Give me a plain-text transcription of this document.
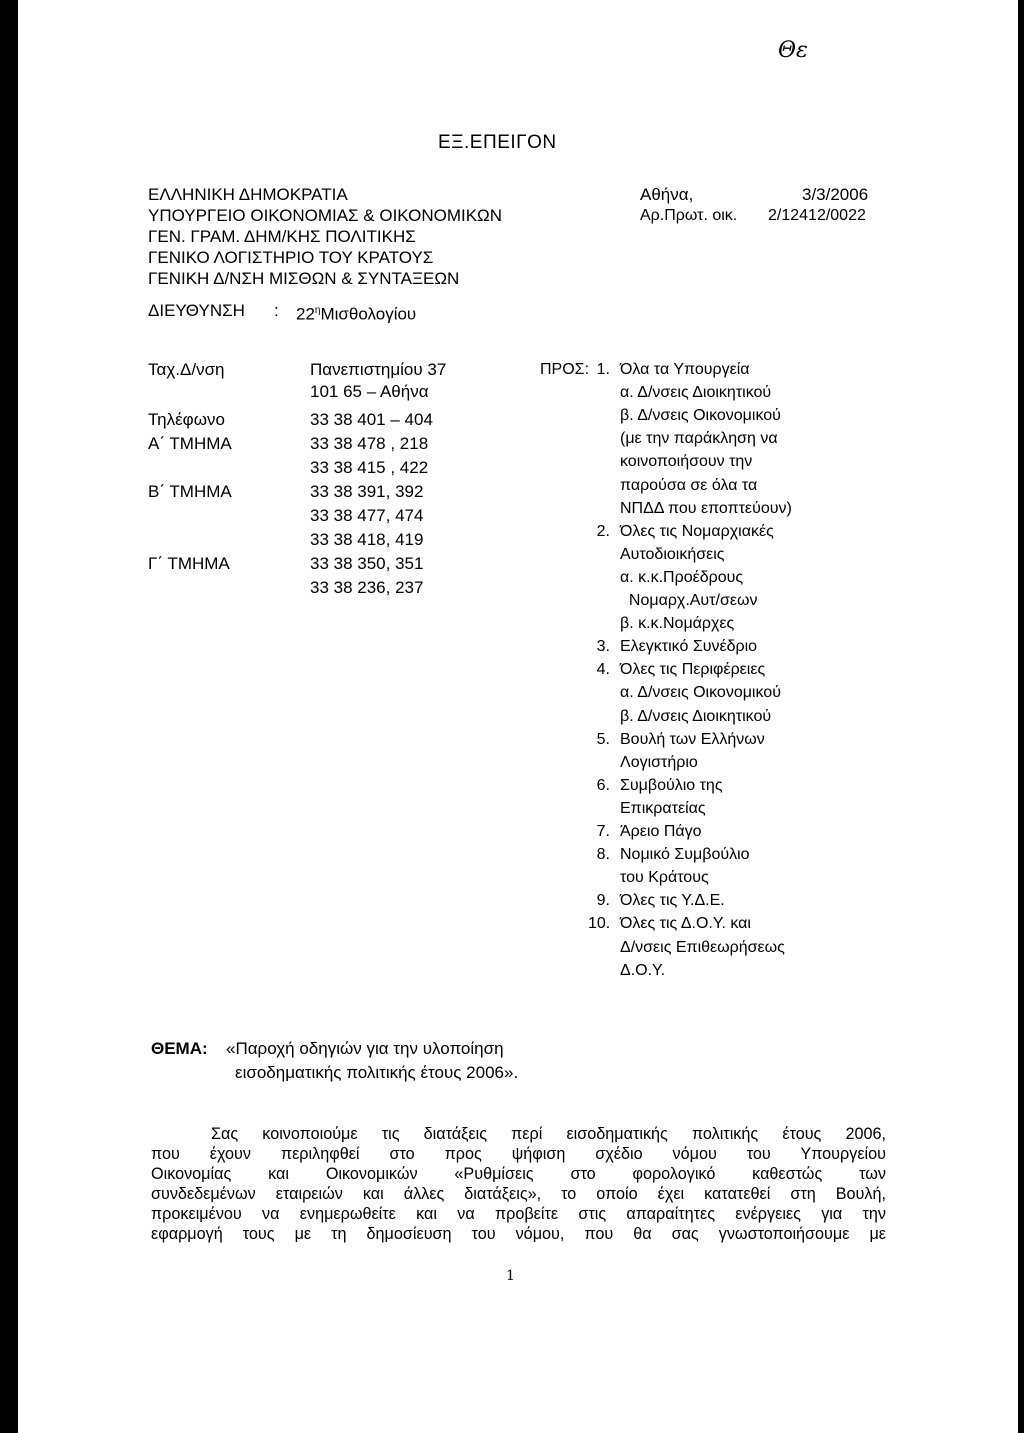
Θε
ΕΞ.ΕΠΕΙΓΟΝ
ΕΛΛΗΝΙΚΗ ΔΗΜΟΚΡΑΤΙΑ
ΥΠΟΥΡΓΕΙΟ ΟΙΚΟΝΟΜΙΑΣ & ΟΙΚΟΝΟΜΙΚΩΝ
ΓΕΝ. ΓΡΑΜ. ΔΗΜ/ΚΗΣ ΠΟΛΙΤΙΚΗΣ
ΓΕΝΙΚΟ ΛΟΓΙΣΤΗΡΙΟ ΤΟΥ ΚΡΑΤΟΥΣ
ΓΕΝΙΚΗ Δ/ΝΣΗ ΜΙΣΘΩΝ & ΣΥΝΤΑΞΕΩΝ
ΔΙΕΥΘΥΝΣΗ : $22^\eta M\iota\sigma\theta o\lambda o\gamma ίo\upsilon$
Αθήνα,	3/3/2006
Αρ.Πρωτ. οικ. 2/12412/0022
Ταχ.Δ/νση	Πανεπιστημίου 37
101 65 – Αθήνα
Τηλέφωνο	33 38 401 – 404
Α΄ ΤΜΗΜΑ	33 38 478 , 218
33 38 415 , 422
Β΄ ΤΜΗΜΑ	33 38 391, 392
33 38 477, 474
33 38 418, 419
Γ΄ ΤΜΗΜΑ	33 38 350, 351
33 38 236, 237
ΠΡΟΣ: 1. Όλα τα Υπουργεία
α. Δ/νσεις Διοικητικού
β. Δ/νσεις Οικονομικού
(με την παράκληση να
κοινοποιήσουν την
παρούσα σε όλα τα
ΝΠΔΔ που εποπτεύουν)
2. Όλες τις Νομαρχιακές
Αυτοδιοικήσεις
α. κ.κ.Προέδρους
Νομαρχ.Αυτ/σεων
β. κ.κ.Νομάρχες
3. Ελεγκτικό Συνέδριο
4. Όλες τις Περιφέρειες
α. Δ/νσεις Οικονομικού
β. Δ/νσεις Διοικητικού
5. Βουλή των Ελλήνων
Λογιστήριο
6. Συμβούλιο της
Επικρατείας
7. Άρειο Πάγο
8. Νομικό Συμβούλιο
του Κράτους
9. Όλες τις Υ.Δ.Ε.
10. Όλες τις Δ.Ο.Υ. και
Δ/νσεις Επιθεωρήσεως
Δ.Ο.Υ.
ΘΕΜΑ: «Παροχή οδηγιών για την υλοποίηση
εισοδηματικής πολιτικής έτους 2006».
Σας κοινοποιούμε τις διατάξεις περί εισοδηματικής πολιτικής έτους 2006,
που έχουν περιληφθεί στο προς ψήφιση σχέδιο νόμου του Υπουργείου
Οικονομίας και Οικονομικών «Ρυθμίσεις στο φορολογικό καθεστώς των
συνδεδεμένων εταιρειών και άλλες διατάξεις», το οποίο έχει κατατεθεί στη Βουλή,
προκειμένου να ενημερωθείτε και να προβείτε στις απαραίτητες ενέργειες για την
εφαρμογή τους με τη δημοσίευση του νόμου, που θα σας γνωστοποιήσουμε με
1
